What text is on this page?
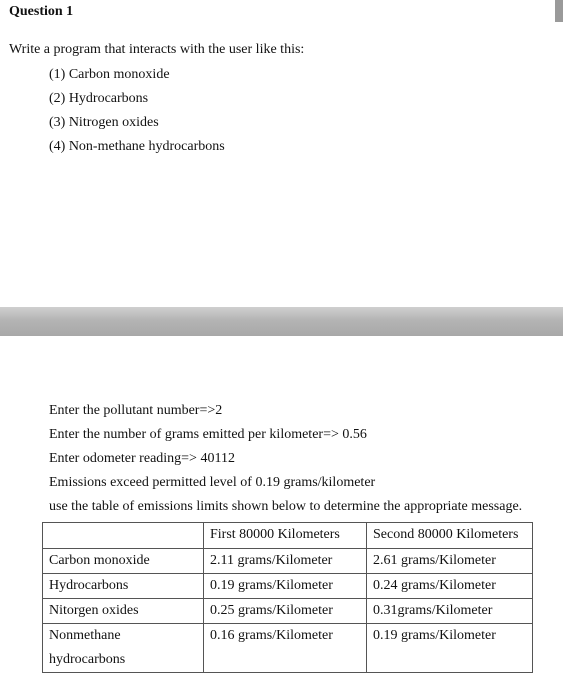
Question 1
Write a program that interacts with the user like this:
(1) Carbon monoxide
(2) Hydrocarbons
(3) Nitrogen oxides
(4) Non-methane hydrocarbons
Enter the pollutant number=>2
Enter the number of grams emitted per kilometer=> 0.56
Enter odometer reading=> 40112
Emissions exceed permitted level of 0.19 grams/kilometer
use the table of emissions limits shown below to determine the appropriate message.
	First 80000 Kilometers	Second 80000 Kilometers
Carbon monoxide	2.11 grams/Kilometer	2.61 grams/Kilometer
Hydrocarbons	0.19 grams/Kilometer	0.24 grams/Kilometer
Nitorgen oxides	0.25 grams/Kilometer	0.31grams/Kilometer
Nonmethane
hydrocarbons	0.16 grams/Kilometer	0.19 grams/Kilometer
